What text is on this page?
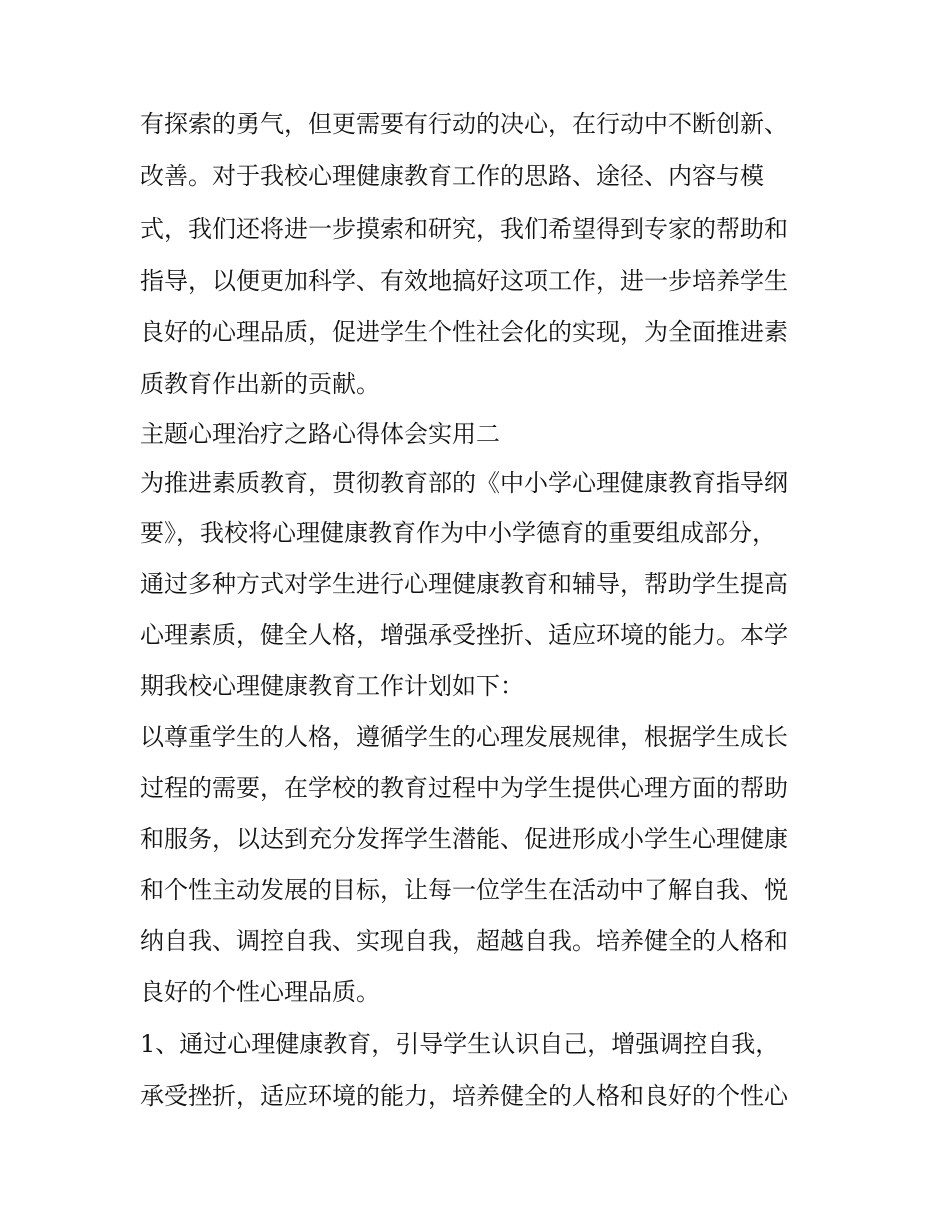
有探索的勇气，但更需要有行动的决心，在行动中不断创新、
改善。对于我校心理健康教育工作的思路、途径、内容与模
式，我们还将进一步摸索和研究，我们希望得到专家的帮助和
指导，以便更加科学、有效地搞好这项工作，进一步培养学生
良好的心理品质，促进学生个性社会化的实现，为全面推进素
质教育作出新的贡献。
主题心理治疗之路心得体会实用二
为推进素质教育，贯彻教育部的《中小学心理健康教育指导纲
要》，我校将心理健康教育作为中小学德育的重要组成部分，
通过多种方式对学生进行心理健康教育和辅导，帮助学生提高
心理素质，健全人格，增强承受挫折、适应环境的能力。本学
期我校心理健康教育工作计划如下：
以尊重学生的人格，遵循学生的心理发展规律，根据学生成长
过程的需要，在学校的教育过程中为学生提供心理方面的帮助
和服务，以达到充分发挥学生潜能、促进形成小学生心理健康
和个性主动发展的目标，让每一位学生在活动中了解自我、悦
纳自我、调控自我、实现自我，超越自我。培养健全的人格和
良好的个性心理品质。
1、通过心理健康教育，引导学生认识自己，增强调控自我，
承受挫折，适应环境的能力，培养健全的人格和良好的个性心
